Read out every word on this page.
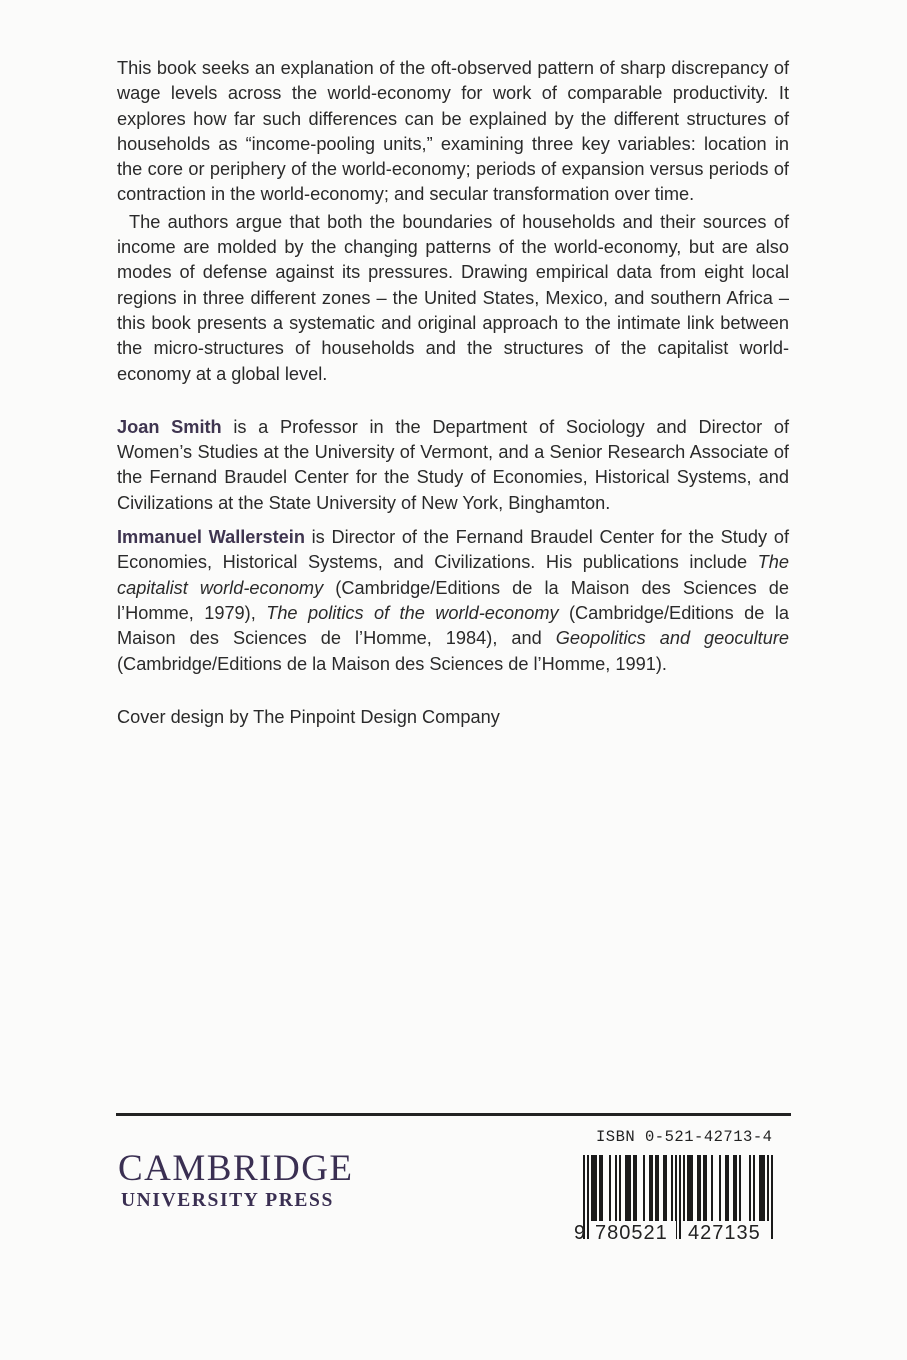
This book seeks an explanation of the oft-observed pattern of sharp discrepancy of wage levels across the world-economy for work of comparable productivity. It explores how far such differences can be explained by the different structures of households as “income-pooling units,” examining three key variables: location in the core or periphery of the world-economy; periods of expansion versus periods of contraction in the world-economy; and secular transformation over time.

The authors argue that both the boundaries of households and their sources of income are molded by the changing patterns of the world-economy, but are also modes of defense against its pressures. Drawing empirical data from eight local regions in three different zones – the United States, Mexico, and southern Africa – this book presents a systematic and original approach to the intimate link between the micro-structures of households and the structures of the capitalist world-economy at a global level.

Joan Smith is a Professor in the Department of Sociology and Director of Women’s Studies at the University of Vermont, and a Senior Research Associate of the Fernand Braudel Center for the Study of Economies, Historical Systems, and Civilizations at the State University of New York, Binghamton.

Immanuel Wallerstein is Director of the Fernand Braudel Center for the Study of Economies, Historical Systems, and Civilizations. His publications include The capitalist world-economy (Cambridge/Editions de la Maison des Sciences de l’Homme, 1979), The politics of the world-economy (Cambridge/Editions de la Maison des Sciences de l’Homme, 1984), and Geopolitics and geoculture (Cambridge/Editions de la Maison des Sciences de l’Homme, 1991).

Cover design by The Pinpoint Design Company
CAMBRIDGE
UNIVERSITY PRESS
ISBN 0-521-42713-4
9 780521 427135
